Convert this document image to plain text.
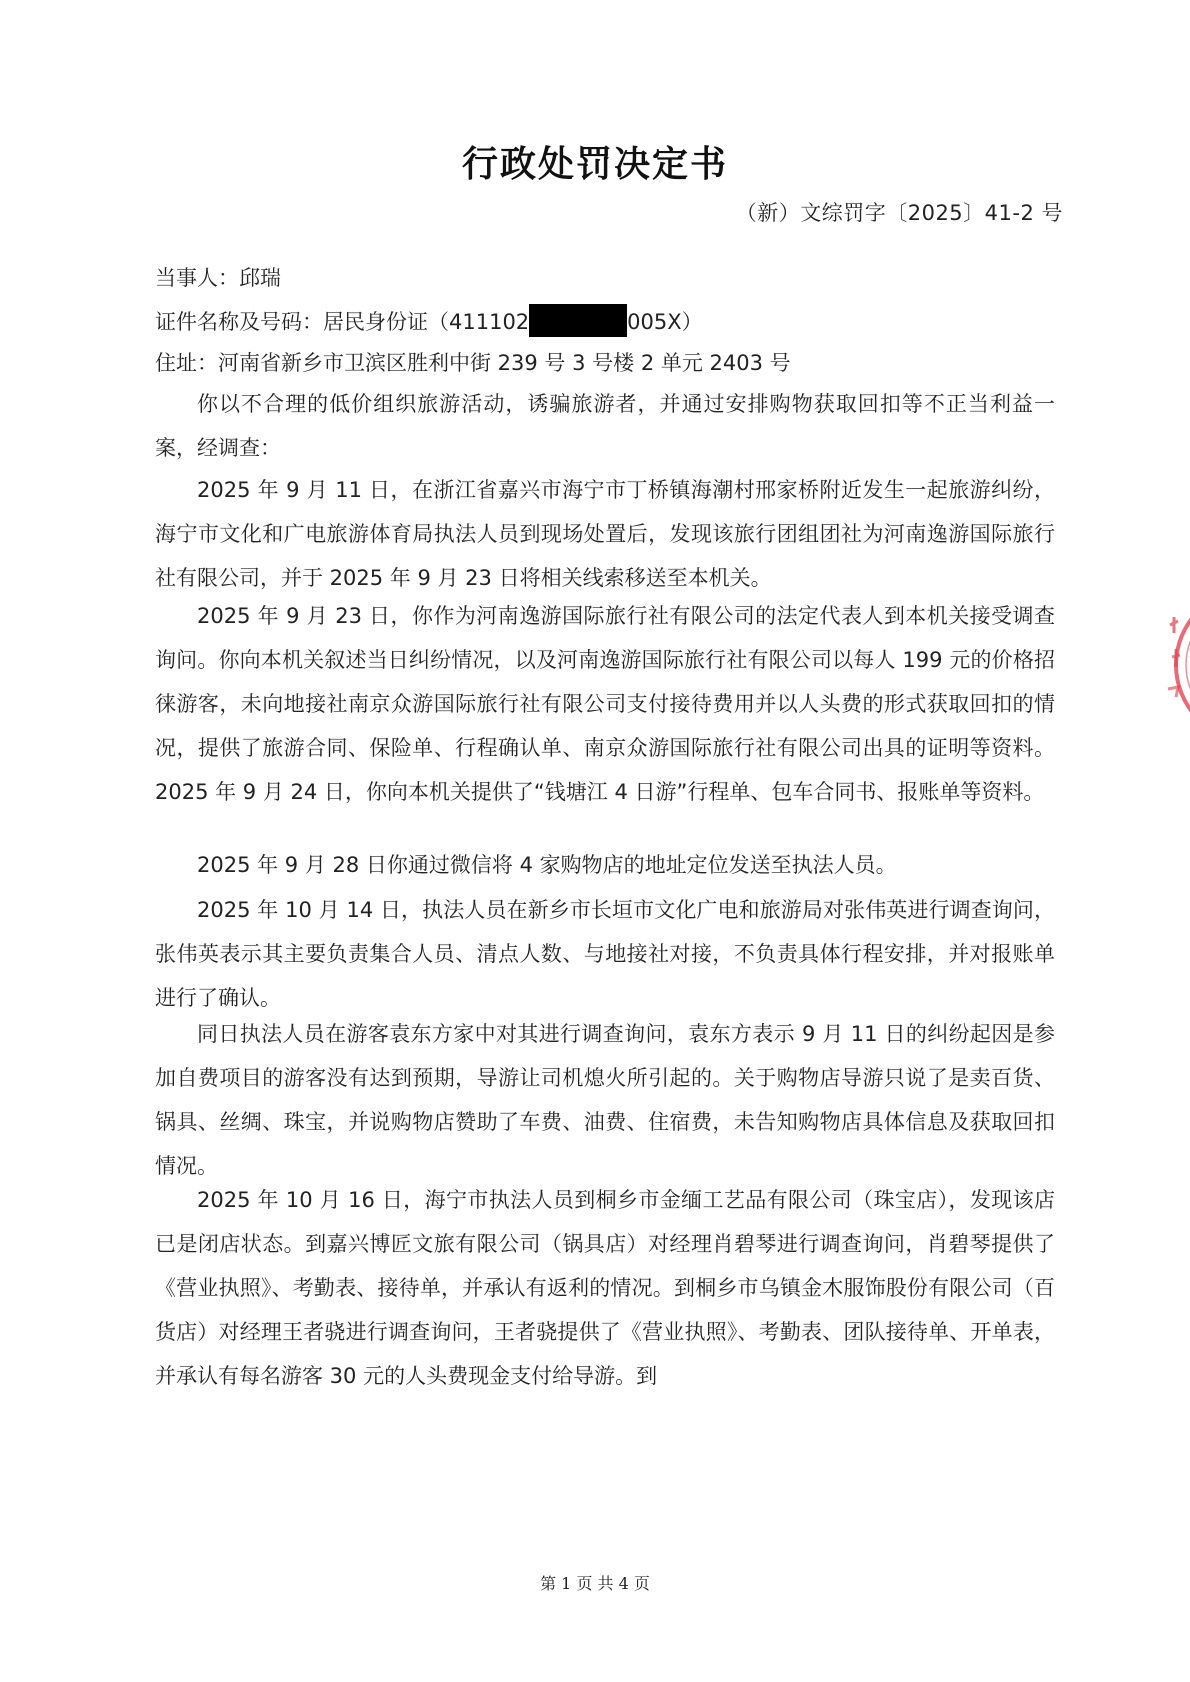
行政处罚决定书
（新）文综罚字〔2025〕41-2 号
当事人：邱瑞
证件名称及号码：居民身份证（411102	005X）
住址：河南省新乡市卫滨区胜利中街 239 号 3 号楼 2 单元 2403 号

你以不合理的低价组织旅游活动，诱骗旅游者，并通过安排购物获取回扣等不正当利益一案，经调查：

2025 年 9 月 11 日，在浙江省嘉兴市海宁市丁桥镇海潮村邢家桥附近发生一起旅游纠纷，海宁市文化和广电旅游体育局执法人员到现场处置后，发现该旅行团组团社为河南逸游国际旅行社有限公司，并于 2025 年 9 月 23 日将相关线索移送至本机关。

2025 年 9 月 23 日，你作为河南逸游国际旅行社有限公司的法定代表人到本机关接受调查询问。你向本机关叙述当日纠纷情况，以及河南逸游国际旅行社有限公司以每人 199 元的价格招徕游客，未向地接社南京众游国际旅行社有限公司支付接待费用并以人头费的形式获取回扣的情况，提供了旅游合同、保险单、行程确认单、南京众游国际旅行社有限公司出具的证明等资料。2025 年 9 月 24 日，你向本机关提供了“钱塘江 4 日游”行程单、包车合同书、报账单等资料。

2025 年 9 月 28 日你通过微信将 4 家购物店的地址定位发送至执法人员。

2025 年 10 月 14 日，执法人员在新乡市长垣市文化广电和旅游局对张伟英进行调查询问，张伟英表示其主要负责集合人员、清点人数、与地接社对接，不负责具体行程安排，并对报账单进行了确认。

同日执法人员在游客袁东方家中对其进行调查询问，袁东方表示 9 月 11 日的纠纷起因是参加自费项目的游客没有达到预期，导游让司机熄火所引起的。关于购物店导游只说了是卖百货、锅具、丝绸、珠宝，并说购物店赞助了车费、油费、住宿费，未告知购物店具体信息及获取回扣情况。

2025 年 10 月 16 日，海宁市执法人员到桐乡市金缅工艺品有限公司（珠宝店），发现该店已是闭店状态。到嘉兴博匠文旅有限公司（锅具店）对经理肖碧琴进行调查询问，肖碧琴提供了《营业执照》、考勤表、接待单，并承认有返利的情况。到桐乡市乌镇金木服饰股份有限公司（百货店）对经理王者骁进行调查询问，王者骁提供了《营业执照》、考勤表、团队接待单、开单表，并承认有每名游客 30 元的人头费现金支付给导游。到

第 1 页 共 4 页
